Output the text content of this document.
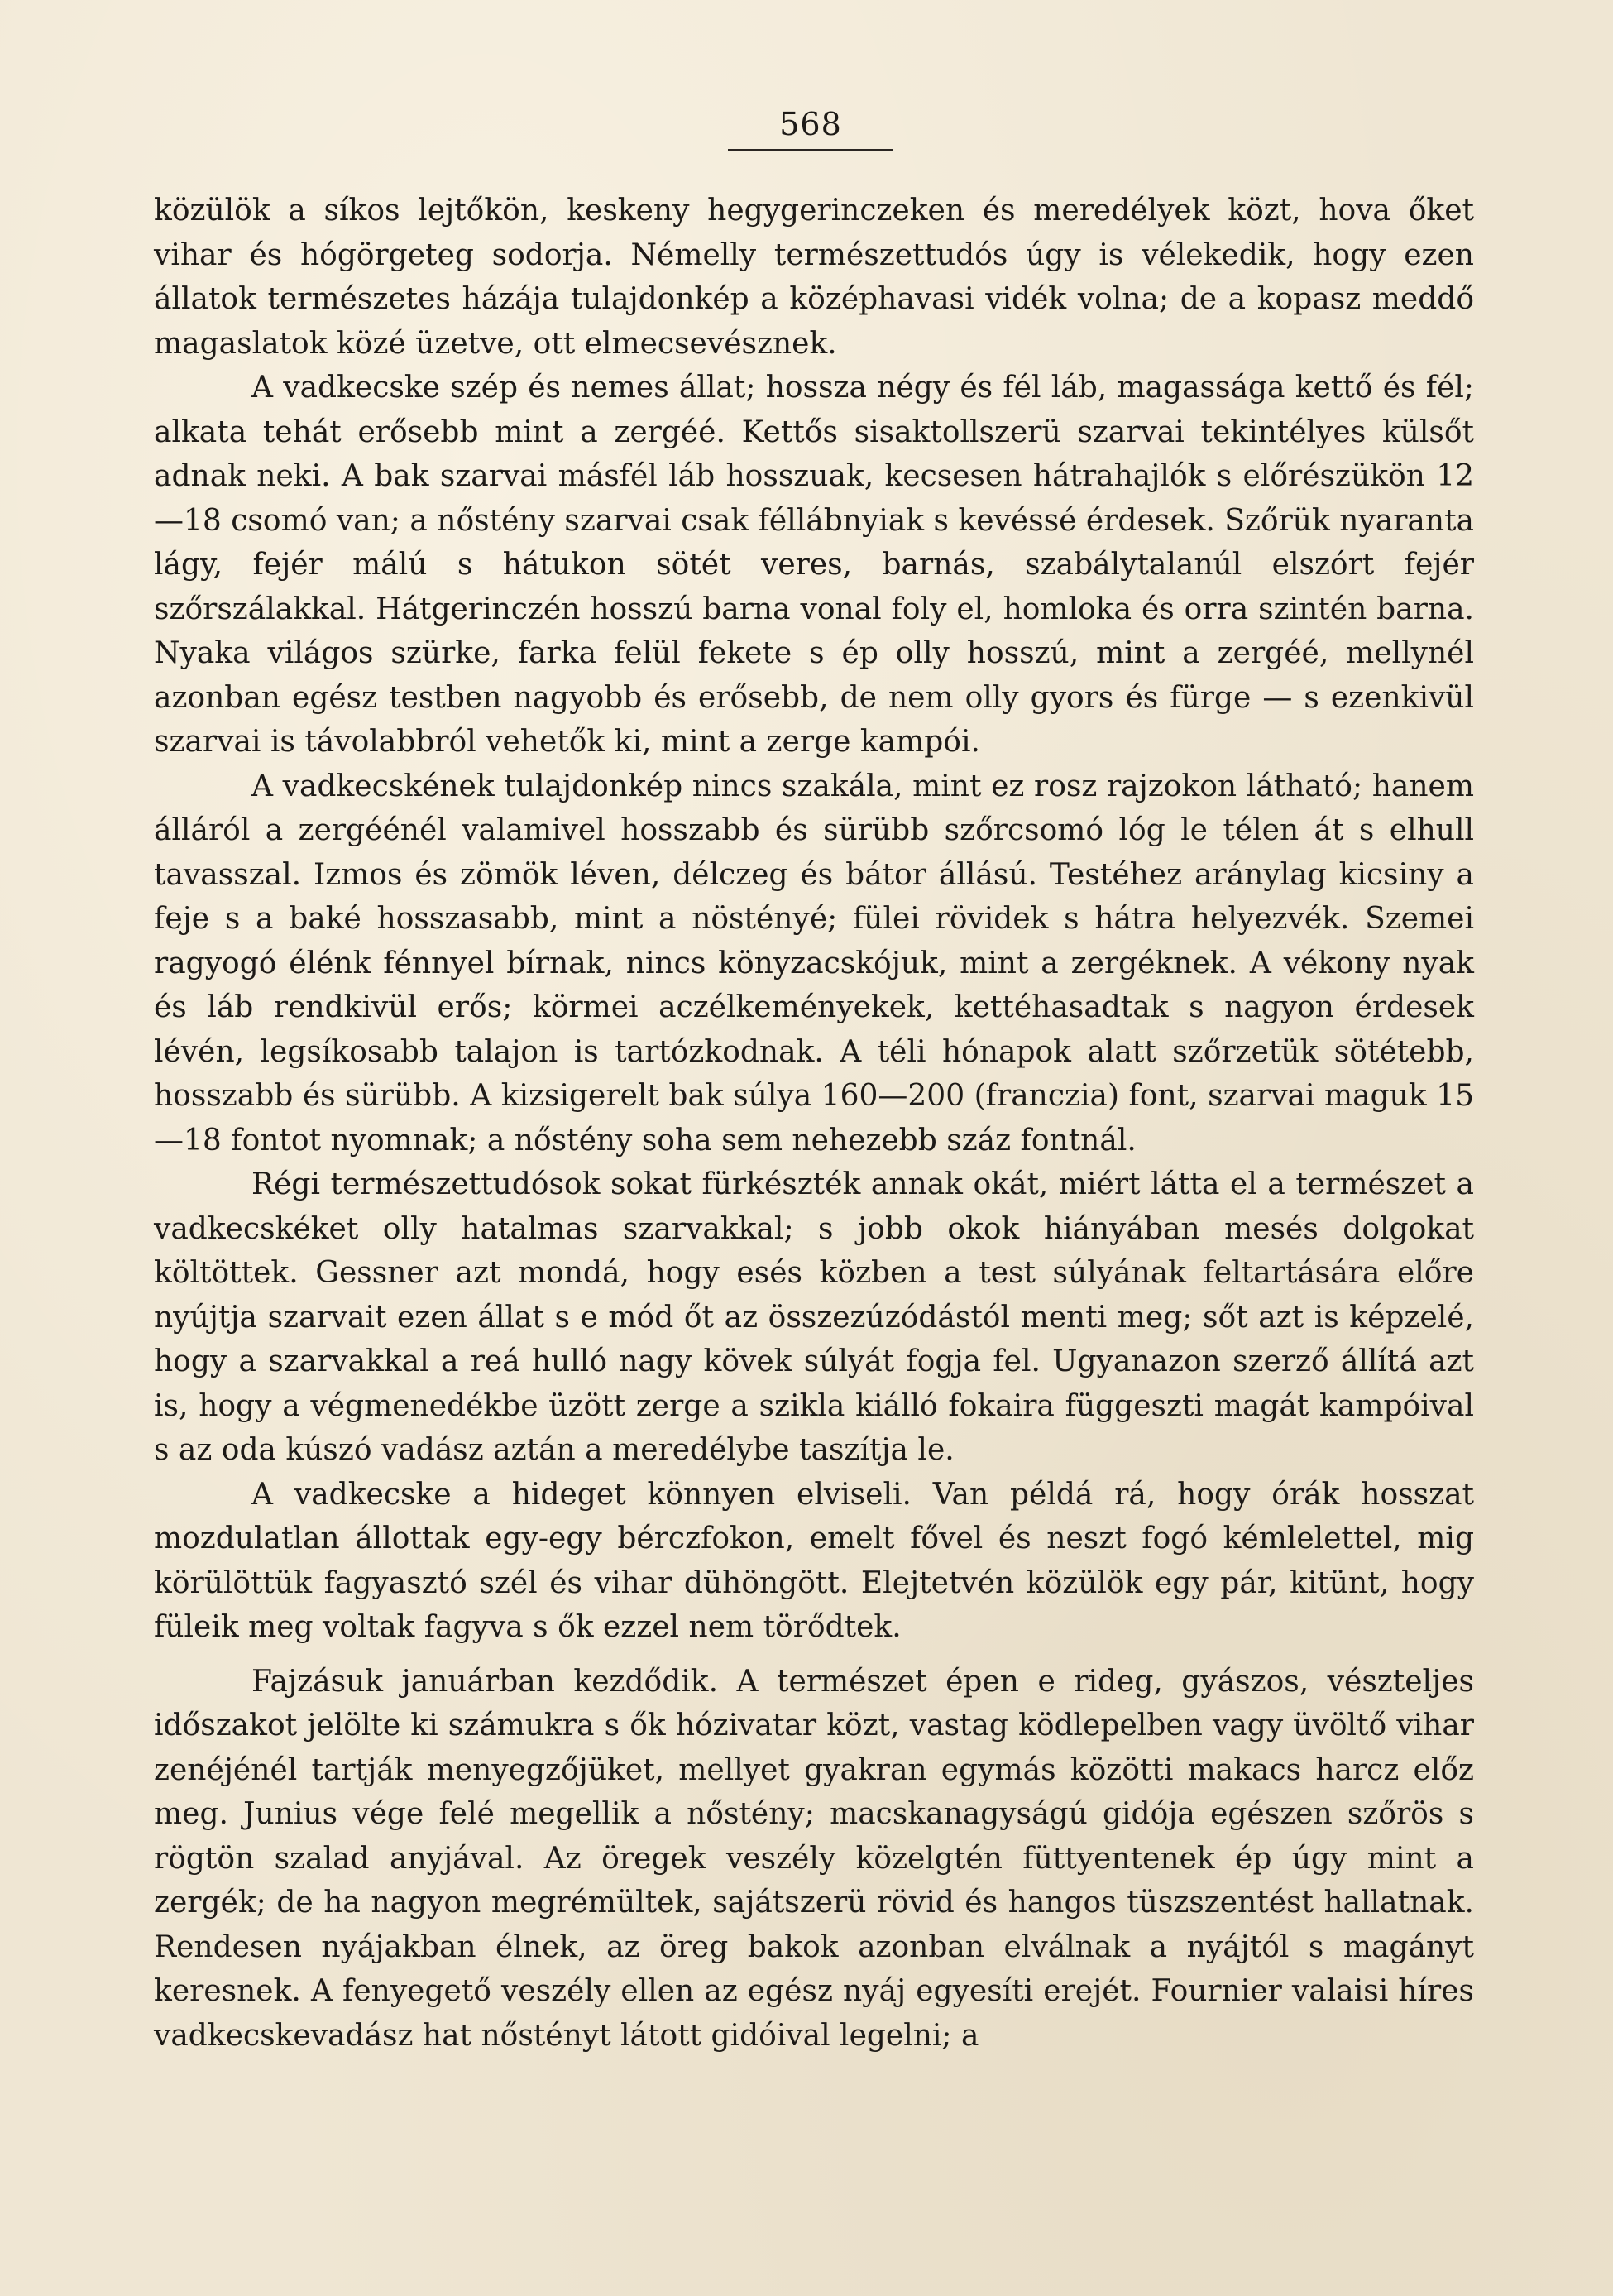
568

közülök a síkos lejtőkön, keskeny hegygerinczeken és meredélyek közt, hova őket vihar és hógörgeteg sodorja. Némelly természettudós úgy is vélekedik, hogy ezen állatok természetes házája tulajdonkép a középhavasi vidék volna; de a kopasz meddő magaslatok közé üzetve, ott elmecsevésznek.

A vadkecske szép és nemes állat; hossza négy és fél láb, magassága kettő és fél; alkata tehát erősebb mint a zergéé. Kettős sisaktollszerü szarvai tekintélyes külsőt adnak neki. A bak szarvai másfél láb hosszuak, kecsesen hátrahajlók s előrészükön 12—18 csomó van; a nőstény szarvai csak féllábnyiak s kevéssé érdesek. Szőrük nyaranta lágy, fejér málú s hátukon sötét veres, barnás, szabálytalanúl elszórt fejér szőrszálakkal. Hátgerinczén hosszú barna vonal foly el, homloka és orra szintén barna. Nyaka világos szürke, farka felül fekete s ép olly hosszú, mint a zergéé, mellynél azonban egész testben nagyobb és erősebb, de nem olly gyors és fürge — s ezenkivül szarvai is távolabbról vehetők ki, mint a zerge kampói.

A vadkecskének tulajdonkép nincs szakála, mint ez rosz rajzokon látható; hanem álláról a zergéénél valamivel hosszabb és sürübb szőrcsomó lóg le télen át s elhull tavasszal. Izmos és zömök léven, délczeg és bátor állású. Testéhez aránylag kicsiny a feje s a baké hosszasabb, mint a nöstényé; fülei rövidek s hátra helyezvék. Szemei ragyogó élénk fénnyel bírnak, nincs könyzacskójuk, mint a zergéknek. A vékony nyak és láb rendkivül erős; körmei aczélkeményekek, kettéhasadtak s nagyon érdesek lévén, legsíkosabb talajon is tartózkodnak. A téli hónapok alatt szőrzetük sötétebb, hosszabb és sürübb. A kizsigerelt bak súlya 160—200 (franczia) font, szarvai maguk 15—18 fontot nyomnak; a nőstény soha sem nehezebb száz fontnál.

Régi természettudósok sokat fürkészték annak okát, miért látta el a természet a vadkecskéket olly hatalmas szarvakkal; s jobb okok hiányában mesés dolgokat költöttek. Gessner azt mondá, hogy esés közben a test súlyának feltartására előre nyújtja szarvait ezen állat s e mód őt az összezúzódástól menti meg; sőt azt is képzelé, hogy a szarvakkal a reá hulló nagy kövek súlyát fogja fel. Ugyanazon szerző állítá azt is, hogy a végmenedékbe üzött zerge a szikla kiálló fokaira függeszti magát kampóival s az oda kúszó vadász aztán a meredélybe taszítja le.

A vadkecske a hideget könnyen elviseli. Van példá rá, hogy órák hosszat mozdulatlan állottak egy-egy bérczfokon, emelt fővel és neszt fogó kémlelettel, mig körülöttük fagyasztó szél és vihar dühöngött. Elejtetvén közülök egy pár, kitünt, hogy füleik meg voltak fagyva s ők ezzel nem törődtek.

Fajzásuk januárban kezdődik. A természet épen e rideg, gyászos, vészteljes időszakot jelölte ki számukra s ők hózivatar közt, vastag ködlepelben vagy üvöltő vihar zenéjénél tartják menyegzőjüket, mellyet gyakran egymás közötti makacs harcz előz meg. Junius vége felé megellik a nőstény; macskanagyságú gidója egészen szőrös s rögtön szalad anyjával. Az öregek veszély közelgtén füttyentenek ép úgy mint a zergék; de ha nagyon megrémültek, sajátszerü rövid és hangos tüszszentést hallatnak. Rendesen nyájakban élnek, az öreg bakok azonban elválnak a nyájtól s magányt keresnek. A fenyegető veszély ellen az egész nyáj egyesíti erejét. Fournier valaisi híres vadkecskevadász hat nőstényt látott gidóival legelni; a
